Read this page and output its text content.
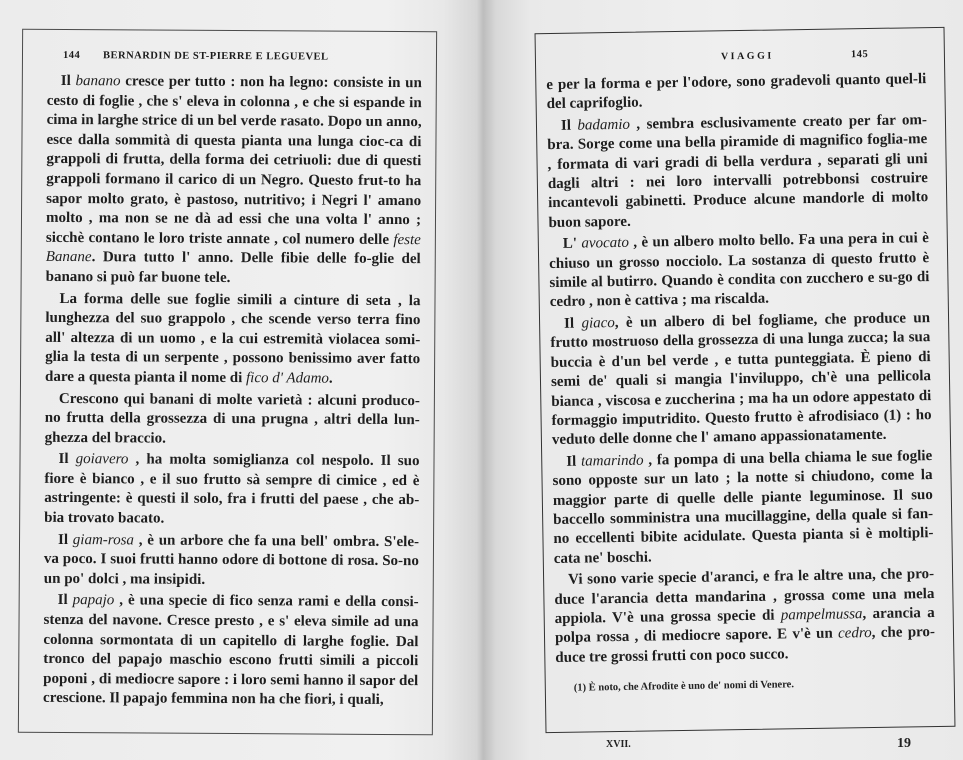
144 BERNARDIN DE ST-PIERRE E LEGUEVEL

Il banano cresce per tutto : non ha legno: consiste in un cesto di foglie , che s' eleva in colonna , e che si espande in cima in larghe strice di un bel verde rasato. Dopo un anno, esce dalla sommità di questa pianta una lunga cioc-ca di grappoli di frutta, della forma dei cetriuoli: due di questi grappoli formano il carico di un Negro. Questo frut-to ha sapor molto grato, è pastoso, nutritivo; i Negri l' amano molto , ma non se ne dà ad essi che una volta l' anno ; sicchè contano le loro triste annate , col numero delle feste Banane. Dura tutto l' anno. Delle fibie delle fo-glie del banano si può far buone tele.

La forma delle sue foglie simili a cinture di seta , la lunghezza del suo grappolo , che scende verso terra fino all' altezza di un uomo , e la cui estremità violacea somi-glia la testa di un serpente , possono benissimo aver fatto dare a questa pianta il nome di fico d' Adamo.

Crescono qui banani di molte varietà : alcuni produco-no frutta della grossezza di una prugna , altri della lun-ghezza del braccio.

Il goiavero , ha molta somiglianza col nespolo. Il suo fiore è bianco , e il suo frutto sà sempre di cimice , ed è astringente: è questi il solo, fra i frutti del paese , che ab-bia trovato bacato.

Il giam-rosa , è un arbore che fa una bell' ombra. S'ele-va poco. I suoi frutti hanno odore di bottone di rosa. So-no un po' dolci , ma insipidi.

Il papajo , è una specie di fico senza rami e della consi-stenza del navone. Cresce presto , e s' eleva simile ad una colonna sormontata di un capitello di larghe foglie. Dal tronco del papajo maschio escono frutti simili a piccoli poponi , di mediocre sapore : i loro semi hanno il sapor del crescione. Il papajo femmina non ha che fiori, i quali,

VIAGGI	145

e per la forma e per l'odore, sono gradevoli quanto quel-li del caprifoglio.

Il badamio , sembra esclusivamente creato per far om-bra. Sorge come una bella piramide di magnifico foglia-me , formata di vari gradi di bella verdura , separati gli uni dagli altri : nei loro intervalli potrebbonsi costruire incantevoli gabinetti. Produce alcune mandorle di molto buon sapore.

L' avocato , è un albero molto bello. Fa una pera in cui è chiuso un grosso nocciolo. La sostanza di questo frutto è simile al butirro. Quando è condita con zucchero e su-go di cedro , non è cattiva ; ma riscalda.

Il giaco, è un albero di bel fogliame, che produce un frutto mostruoso della grossezza di una lunga zucca; la sua buccia è d'un bel verde , e tutta punteggiata. È pieno di semi de' quali si mangia l'inviluppo, ch'è una pellicola bianca , viscosa e zuccherina ; ma ha un odore appestato di formaggio imputridito. Questo frutto è afrodisiaco (1) : ho veduto delle donne che l' amano appassionatamente.

Il tamarindo , fa pompa di una bella chiama le sue foglie sono opposte sur un lato ; la notte si chiudono, come la maggior parte di quelle delle piante leguminose. Il suo baccello somministra una mucillaggine, della quale si fan-no eccellenti bibite acidulate. Questa pianta si è moltipli-cata ne' boschi.

Vi sono varie specie d'aranci, e fra le altre una, che pro-duce l'arancia detta mandarina , grossa come una mela appiola. V'è una grossa specie di pampelmussa, arancia a polpa rossa , di mediocre sapore. E v'è un cedro, che pro-duce tre grossi frutti con poco succo.

(1) È noto, che Afrodite è uno de' nomi di Venere.
XVII.	19
